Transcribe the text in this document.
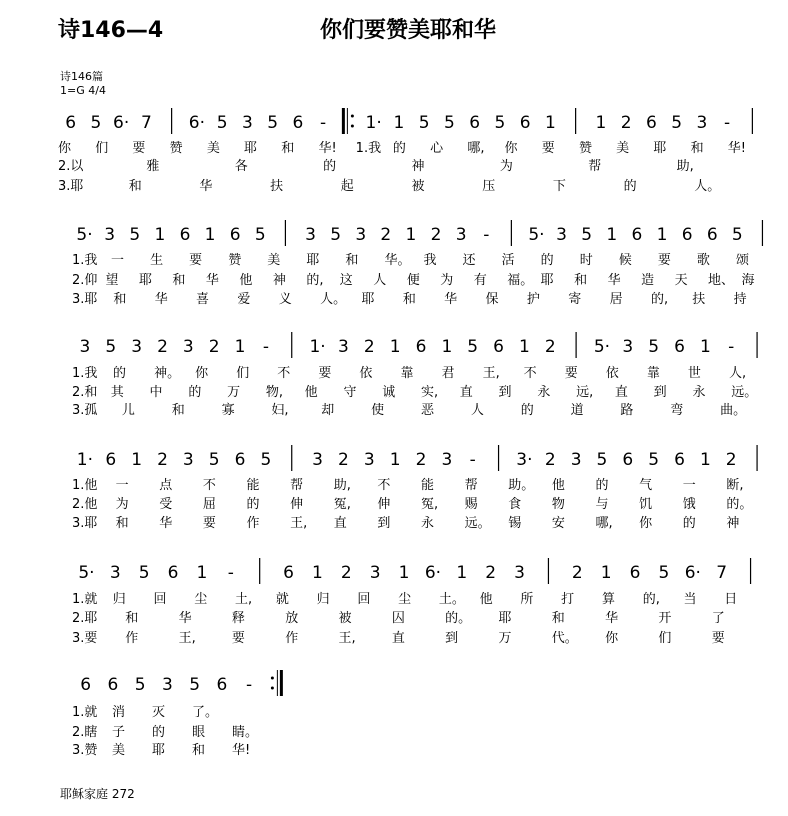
诗146—4	你们要赞美耶和华
诗146篇
1=G 4/4
6 5 6· 7 6· 5 3 5 6 - 1· 1 5 5 6 5 6 1 1 2 6 5 3 -
你 们 要 赞 美 耶 和 华! 1.我 的 心 哪, 你 要 赞 美 耶 和 华!
2.以	雅	各	的	神	为	帮	助,
3.耶	和	华	扶	起	被	压	下	的	人。
5· 3 5 1 6 1 6 5 3 5 3 2 1 2 3 - 5· 3 5 1 6 1 6 6 5
1.我 一 生 要 赞 美 耶 和 华。 我 还 活 的 时 候 要 歌 颂
2.仰 望 耶 和 华 他 神 的, 这 人 便 为 有 福。 耶 和 华 造 天 地、 海
3.耶 和 华 喜 爱 义 人。 耶 和 华 保 护 寄 居 的, 扶 持
3 5 3 2 3 2 1 - 1· 3 2 1 6 1 5 6 1 2 5· 3 5 6 1 -
1.我 的 神。 你 们 不 要 依 靠 君 王, 不 要 依 靠 世 人,
2.和 其 中 的 万 物, 他 守 诚 实, 直 到 永 远, 直 到 永 远。
3.孤 儿	和	寡	妇,	却	使	恶	人	的	道	路	弯	曲。
1· 6 1 2 3 5 6 5 3 2 3 1 2 3 - 3· 2 3 5 6 5 6 1 2
1.他 一 点 不 能 帮 助, 不 能 帮 助。 他 的 气 一 断,
2.他 为 受 屈 的 伸 冤, 伸 冤, 赐 食 物 与 饥 饿 的。
3.耶 和 华 要 作 王, 直 到 永 远。 锡 安 哪, 你 的 神
5· 3 5 6 1 -	6 1 2 3 1 6· 1 2 3	2 1 6 5 6· 7
1.就 归 回 尘 土, 就 归 回 尘 土。 他 所 打 算 的, 当 日
2.耶 和	华	释	放	被	囚	的。 耶	和	华	开	了
3.要 作	王,	要	作	王,	直	到	万	代。 你	们	要
6 6 5 3 5 6 -
1.就 消 灭 了。
2.瞎 子 的 眼 睛。
3.赞 美 耶 和 华!
耶稣家庭 272
